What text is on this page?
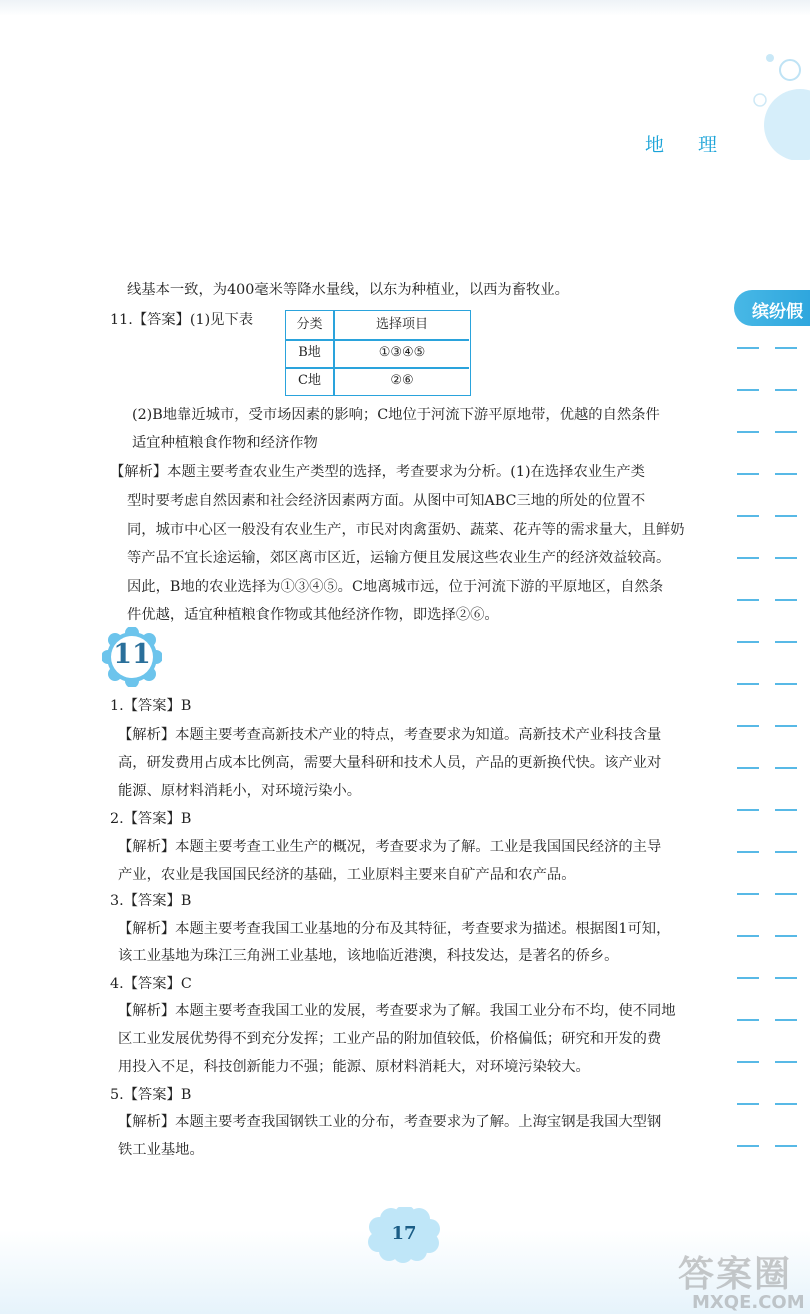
地 理
缤纷假
线基本一致，为400毫米等降水量线，以东为种植业，以西为畜牧业。
11.【答案】(1)见下表	分类	选择项目
B地	①③④⑤
C地	②⑥
(2)B地靠近城市，受市场因素的影响；C地位于河流下游平原地带，优越的自然条件
适宜种植粮食作物和经济作物
【解析】本题主要考查农业生产类型的选择，考查要求为分析。(1)在选择农业生产类
型时要考虑自然因素和社会经济因素两方面。从图中可知ABC三地的所处的位置不
同，城市中心区一般没有农业生产，市民对肉禽蛋奶、蔬菜、花卉等的需求量大，且鲜奶
等产品不宜长途运输，郊区离市区近，运输方便且发展这些农业生产的经济效益较高。
因此，B地的农业选择为①③④⑤。C地离城市远，位于河流下游的平原地区，自然条
件优越，适宜种植粮食作物或其他经济作物，即选择②⑥。
11
1.【答案】B
【解析】本题主要考查高新技术产业的特点，考查要求为知道。高新技术产业科技含量
高，研发费用占成本比例高，需要大量科研和技术人员，产品的更新换代快。该产业对
能源、原材料消耗小，对环境污染小。
2.【答案】B
【解析】本题主要考查工业生产的概况，考查要求为了解。工业是我国国民经济的主导
产业，农业是我国国民经济的基础，工业原料主要来自矿产品和农产品。
3.【答案】B
【解析】本题主要考查我国工业基地的分布及其特征，考查要求为描述。根据图1可知，
该工业基地为珠江三角洲工业基地，该地临近港澳，科技发达，是著名的侨乡。
4.【答案】C
【解析】本题主要考查我国工业的发展，考查要求为了解。我国工业分布不均，使不同地
区工业发展优势得不到充分发挥；工业产品的附加值较低，价格偏低；研究和开发的费
用投入不足，科技创新能力不强；能源、原材料消耗大，对环境污染较大。
5.【答案】B
【解析】本题主要考查我国钢铁工业的分布，考查要求为了解。上海宝钢是我国大型钢
铁工业基地。
17
答案圈
MXQE.COM
